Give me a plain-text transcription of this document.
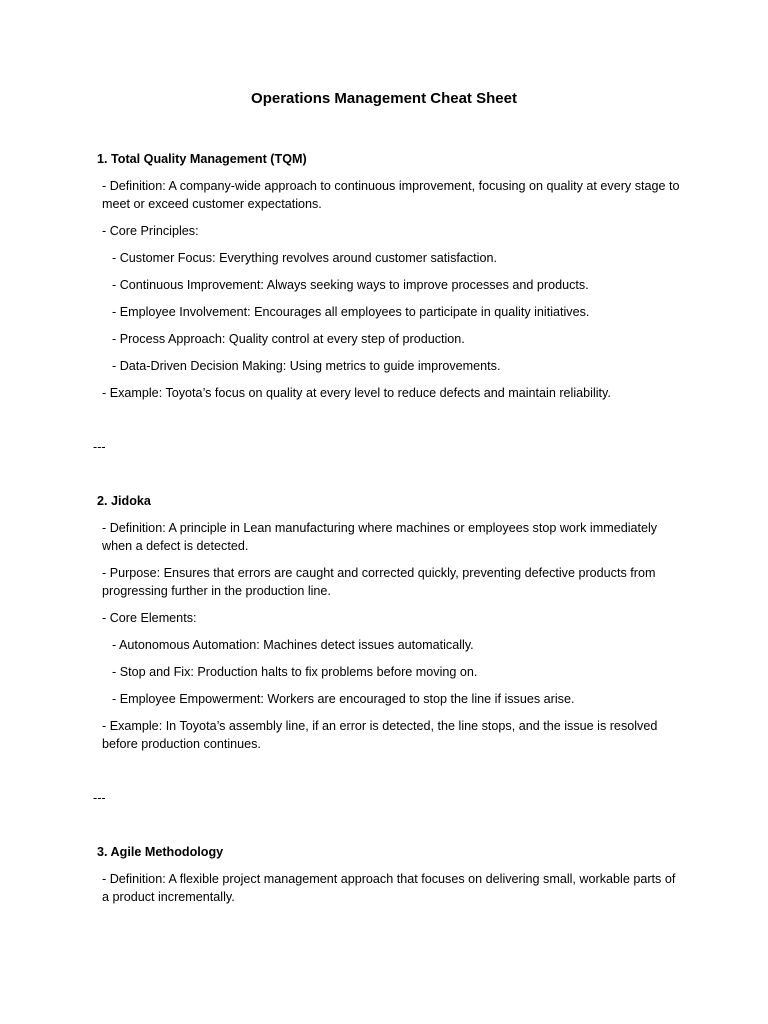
Operations Management Cheat Sheet
1. Total Quality Management (TQM)
- Definition: A company-wide approach to continuous improvement, focusing on quality at every stage to meet or exceed customer expectations.
- Core Principles:
- Customer Focus: Everything revolves around customer satisfaction.
- Continuous Improvement: Always seeking ways to improve processes and products.
- Employee Involvement: Encourages all employees to participate in quality initiatives.
- Process Approach: Quality control at every step of production.
- Data-Driven Decision Making: Using metrics to guide improvements.
- Example: Toyota’s focus on quality at every level to reduce defects and maintain reliability.
---
2. Jidoka
- Definition: A principle in Lean manufacturing where machines or employees stop work immediately when a defect is detected.
- Purpose: Ensures that errors are caught and corrected quickly, preventing defective products from progressing further in the production line.
- Core Elements:
- Autonomous Automation: Machines detect issues automatically.
- Stop and Fix: Production halts to fix problems before moving on.
- Employee Empowerment: Workers are encouraged to stop the line if issues arise.
- Example: In Toyota’s assembly line, if an error is detected, the line stops, and the issue is resolved before production continues.
---
3. Agile Methodology
- Definition: A flexible project management approach that focuses on delivering small, workable parts of a product incrementally.
